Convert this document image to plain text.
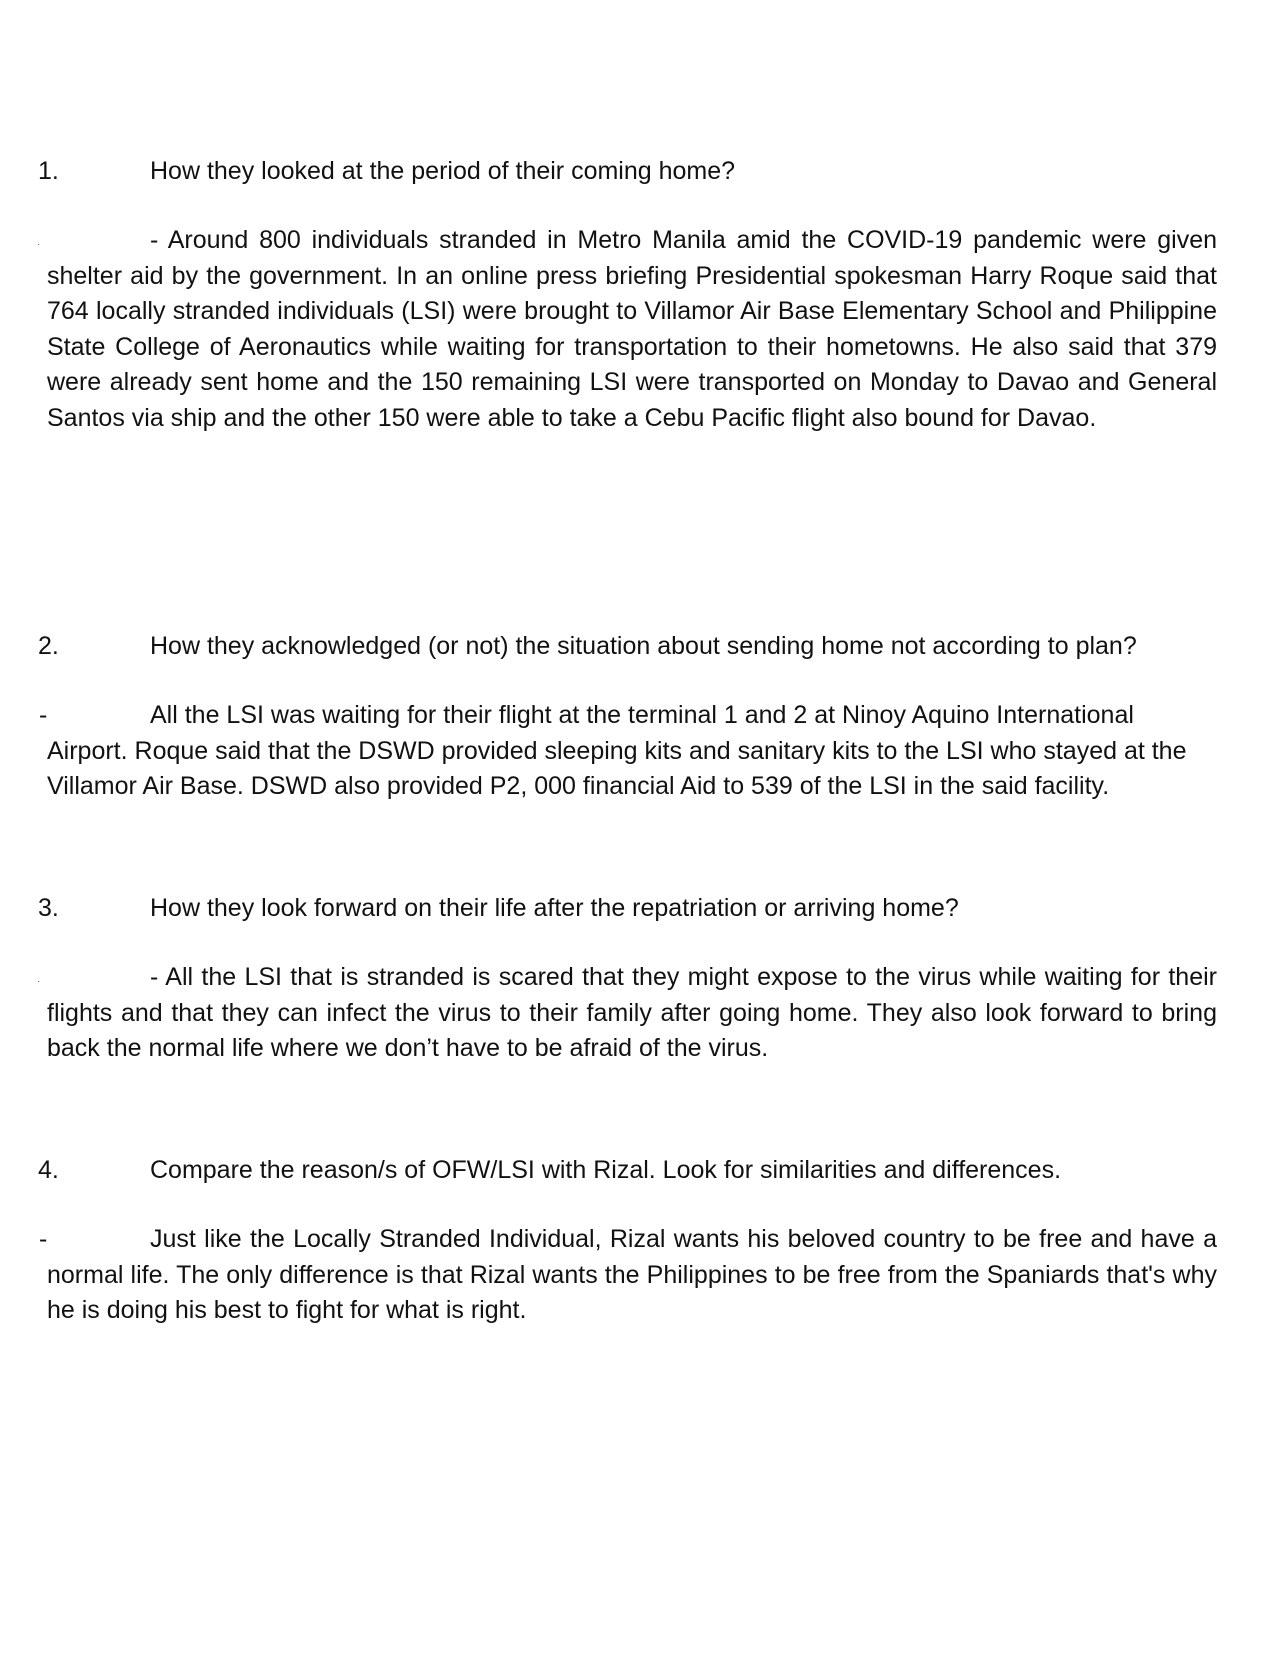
1.	How they looked at the period of their coming home?
·	- Around 800 individuals stranded in Metro Manila amid the COVID-19 pandemic were given shelter aid by the government. In an online press briefing Presidential spokesman Harry Roque said that 764 locally stranded individuals (LSI) were brought to Villamor Air Base Elementary School and Philippine State College of Aeronautics while waiting for transportation to their hometowns. He also said that 379 were already sent home and the 150 remaining LSI were transported on Monday to Davao and General Santos via ship and the other 150 were able to take a Cebu Pacific flight also bound for Davao.
2.	How they acknowledged (or not) the situation about sending home not according to plan?
-	All the LSI was waiting for their flight at the terminal 1 and 2 at Ninoy Aquino International Airport. Roque said that the DSWD provided sleeping kits and sanitary kits to the LSI who stayed at the Villamor Air Base. DSWD also provided P2, 000 financial Aid to 539 of the LSI in the said facility.
3.	How they look forward on their life after the repatriation or arriving home?
·	- All the LSI that is stranded is scared that they might expose to the virus while waiting for their flights and that they can infect the virus to their family after going home. They also look forward to bring back the normal life where we don’t have to be afraid of the virus.
4.	Compare the reason/s of OFW/LSI with Rizal. Look for similarities and differences.
-	Just like the Locally Stranded Individual, Rizal wants his beloved country to be free and have a normal life. The only difference is that Rizal wants the Philippines to be free from the Spaniards that's why he is doing his best to fight for what is right.
